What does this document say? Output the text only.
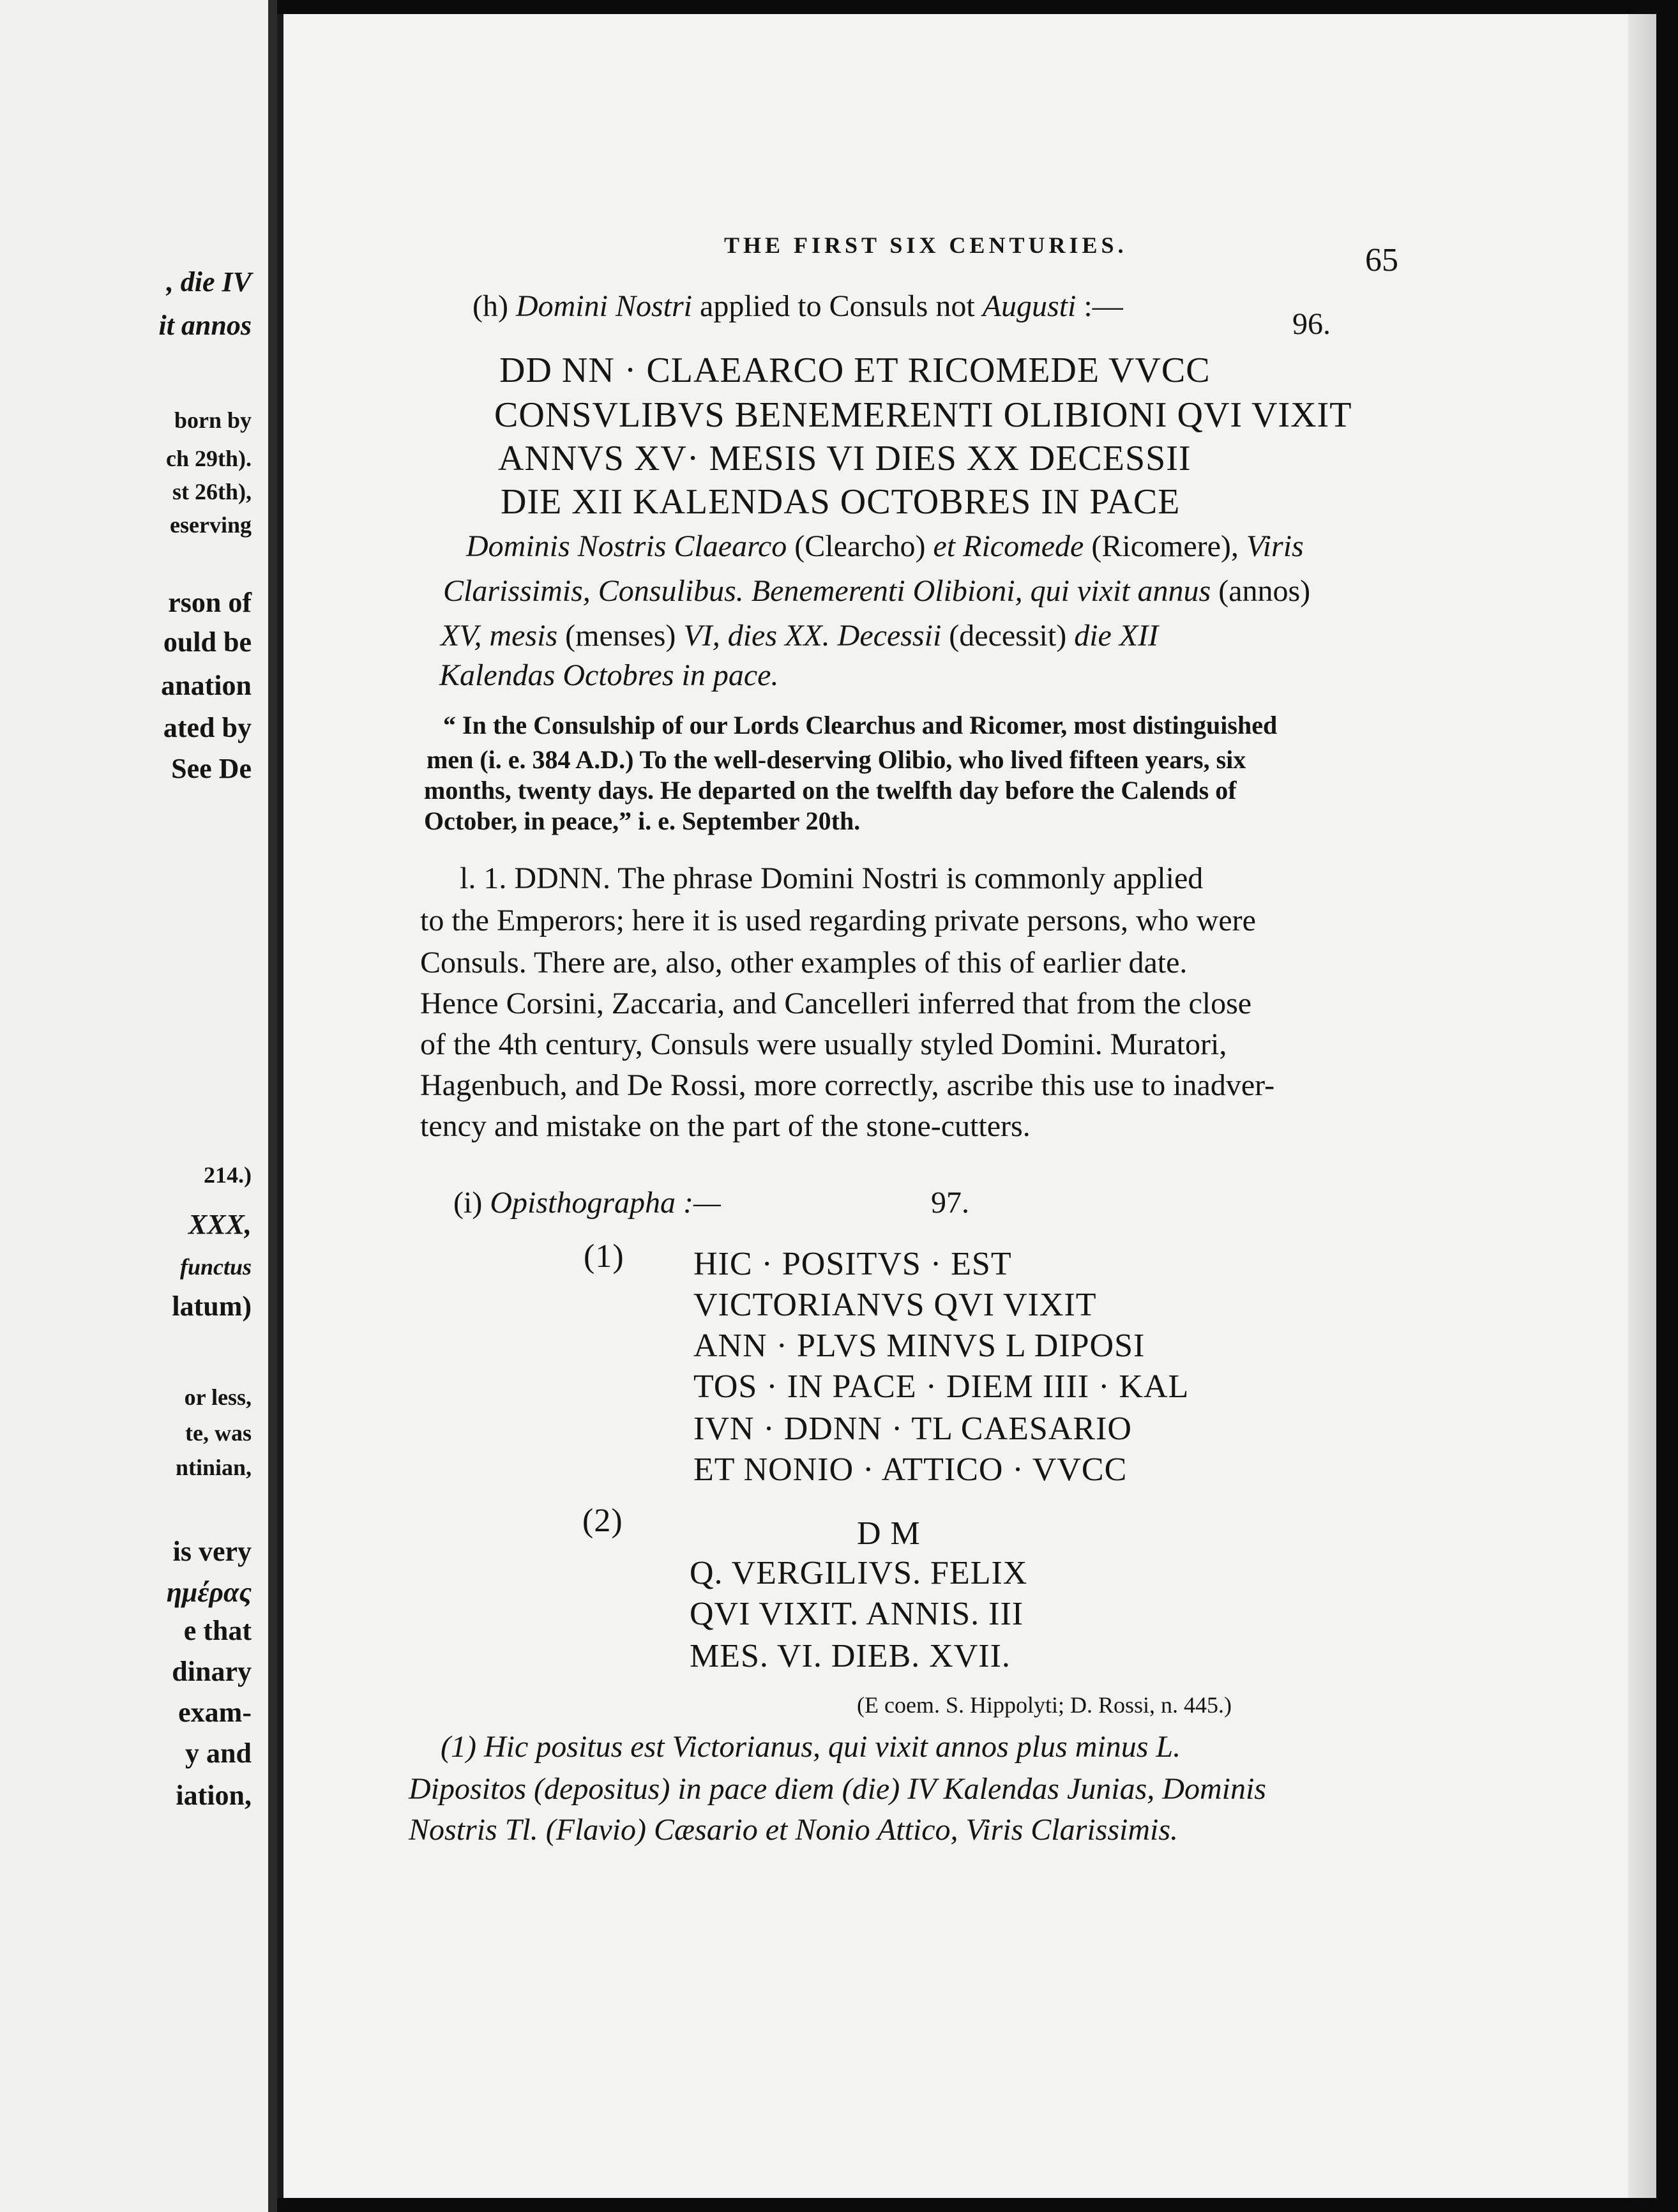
, die IV
it annos
born by
ch 29th).
st 26th),
eserving
rson of
ould be
anation
ated by
See De
214.)
XXX,
functus
latum)
or less,
te, was
ntinian,
is very
ημέρας
e that
dinary
exam-
y and
iation,
THE FIRST SIX CENTURIES.	65
(h) Domini Nostri applied to Consuls not Augusti :—
96.
DD NN · CLAEARCO ET RICOMEDE VVCC
CONSVLIBVS BENEMERENTI OLIBIONI QVI VIXIT
ANNVS XV· MESIS VI DIES XX DECESSII
DIE XII KALENDAS OCTOBRES IN PACE
Dominis Nostris Claearco (Clearcho) et Ricomede (Ricomere), Viris
Clarissimis, Consulibus. Benemerenti Olibioni, qui vixit annus (annos)
XV, mesis (menses) VI, dies XX. Decessii (decessit) die XII
Kalendas Octobres in pace.
“ In the Consulship of our Lords Clearchus and Ricomer, most distinguished
men (i. e. 384 A.D.) To the well-deserving Olibio, who lived fifteen years, six
months, twenty days. He departed on the twelfth day before the Calends of
October, in peace,” i. e. September 20th.
l. 1. DDNN. The phrase Domini Nostri is commonly applied
to the Emperors; here it is used regarding private persons, who were
Consuls. There are, also, other examples of this of earlier date.
Hence Corsini, Zaccaria, and Cancelleri inferred that from the close
of the 4th century, Consuls were usually styled Domini. Muratori,
Hagenbuch, and De Rossi, more correctly, ascribe this use to inadver-
tency and mistake on the part of the stone-cutters.
(i) Opisthographa :—	97.
(1) HIC · POSITVS · EST
VICTORIANVS QVI VIXIT
ANN · PLVS MINVS L DIPOSI
TOS · IN PACE · DIEM IIII · KAL
IVN · DDNN · TL CAESARIO
ET NONIO · ATTICO · VVCC
(2)	D M
Q. VERGILIVS. FELIX
QVI VIXIT. ANNIS. III
MES. VI. DIEB. XVII.
(E coem. S. Hippolyti; D. Rossi, n. 445.)
(1) Hic positus est Victorianus, qui vixit annos plus minus L.
Dipositos (depositus) in pace diem (die) IV Kalendas Junias, Dominis
Nostris Tl. (Flavio) Cæsario et Nonio Attico, Viris Clarissimis.
